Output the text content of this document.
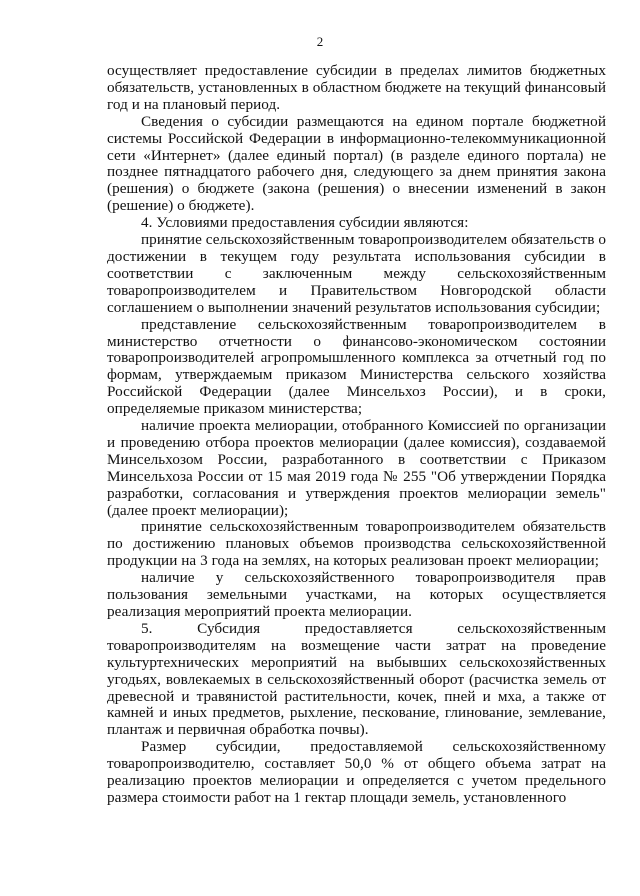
2

осуществляет предоставление субсидии в пределах лимитов бюджетных обязательств, установленных в областном бюджете на текущий финансовый год и на плановый период.

Сведения о субсидии размещаются на едином портале бюджетной системы Российской Федерации в информационно-телекоммуникационной сети «Интернет» (далее единый портал) (в разделе единого портала) не позднее пятнадцатого рабочего дня, следующего за днем принятия закона (решения) о бюджете (закона (решения) о внесении изменений в закон (решение) о бюджете).

4. Условиями предоставления субсидии являются:

принятие сельскохозяйственным товаропроизводителем обязательств о достижении в текущем году результата использования субсидии в соответствии с заключенным между сельскохозяйственным товаропроизводителем и Правительством Новгородской области соглашением о выполнении значений результатов использования субсидии;

представление сельскохозяйственным товаропроизводителем в министерство отчетности о финансово-экономическом состоянии товаропроизводителей агропромышленного комплекса за отчетный год по формам, утверждаемым приказом Министерства сельского хозяйства Российской Федерации (далее Минсельхоз России), и в сроки, определяемые приказом министерства;

наличие проекта мелиорации, отобранного Комиссией по организации и проведению отбора проектов мелиорации (далее комиссия), создаваемой Минсельхозом России, разработанного в соответствии с Приказом Минсельхоза России от 15 мая 2019 года № 255 "Об утверждении Порядка разработки, согласования и утверждения проектов мелиорации земель" (далее проект мелиорации);

принятие сельскохозяйственным товаропроизводителем обязательств по достижению плановых объемов производства сельскохозяйственной продукции на 3 года на землях, на которых реализован проект мелиорации;

наличие у сельскохозяйственного товаропроизводителя прав пользования земельными участками, на которых осуществляется реализация мероприятий проекта мелиорации.

5. Субсидия предоставляется сельскохозяйственным товаропроизводителям на возмещение части затрат на проведение культуртехнических мероприятий на выбывших сельскохозяйственных угодьях, вовлекаемых в сельскохозяйственный оборот (расчистка земель от древесной и травянистой растительности, кочек, пней и мха, а также от камней и иных предметов, рыхление, пескование, глинование, землевание, плантаж и первичная обработка почвы).

Размер субсидии, предоставляемой сельскохозяйственному товаропроизводителю, составляет 50,0 % от общего объема затрат на реализацию проектов мелиорации и определяется с учетом предельного размера стоимости работ на 1 гектар площади земель, установленного
